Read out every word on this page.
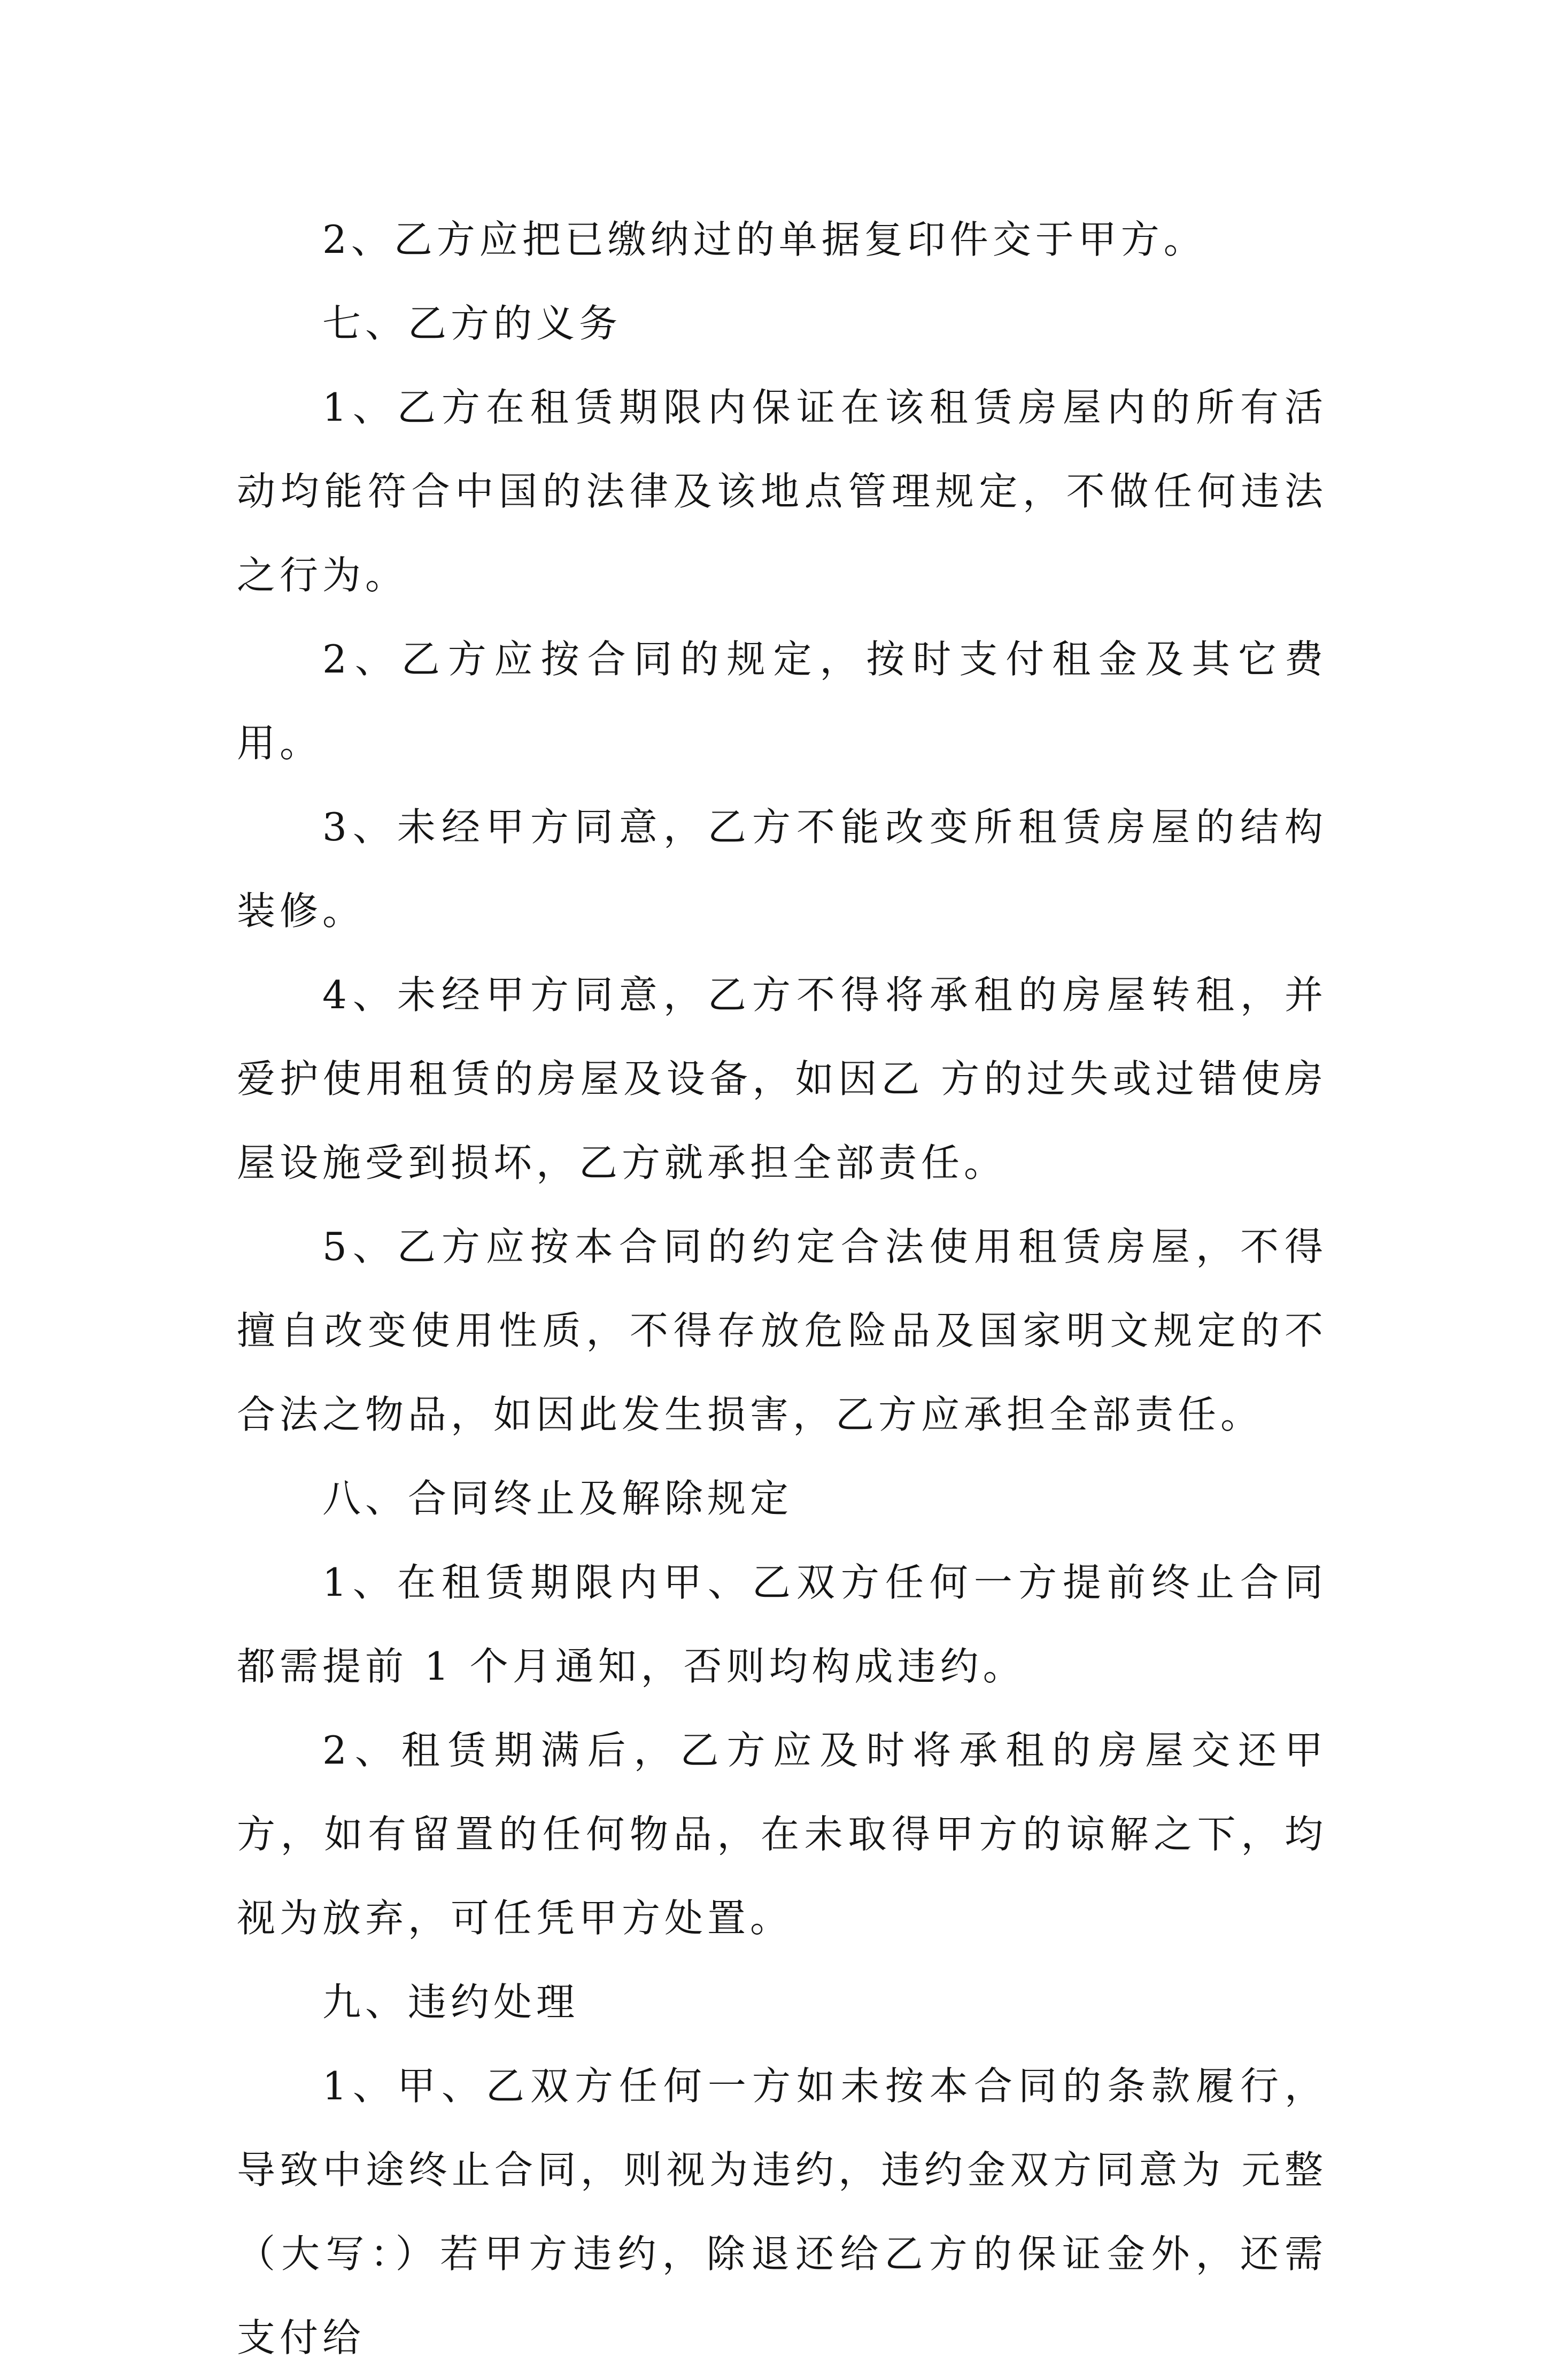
2、乙方应把已缴纳过的单据复印件交于甲方。

七、乙方的义务

1、乙方在租赁期限内保证在该租赁房屋内的所有活动均能符合中国的法律及该地点管理规定，不做任何违法之行为。

2、乙方应按合同的规定，按时支付租金及其它费用。

3、未经甲方同意，乙方不能改变所租赁房屋的结构装修。

4、未经甲方同意，乙方不得将承租的房屋转租，并爱护使用租赁的房屋及设备，如因乙 方的过失或过错使房屋设施受到损坏，乙方就承担全部责任。

5、乙方应按本合同的约定合法使用租赁房屋，不得擅自改变使用性质，不得存放危险品及国家明文规定的不合法之物品，如因此发生损害，乙方应承担全部责任。

八、合同终止及解除规定

1、在租赁期限内甲、乙双方任何一方提前终止合同都需提前 1 个月通知，否则均构成违约。

2、租赁期满后，乙方应及时将承租的房屋交还甲方，如有留置的任何物品，在未取得甲方的谅解之下，均视为放弃，可任凭甲方处置。

九、违约处理

1、甲、乙双方任何一方如未按本合同的条款履行，导致中途终止合同，则视为违约，违约金双方同意为 元整（大写：）若甲方违约，除退还给乙方的保证金外，还需支付给
